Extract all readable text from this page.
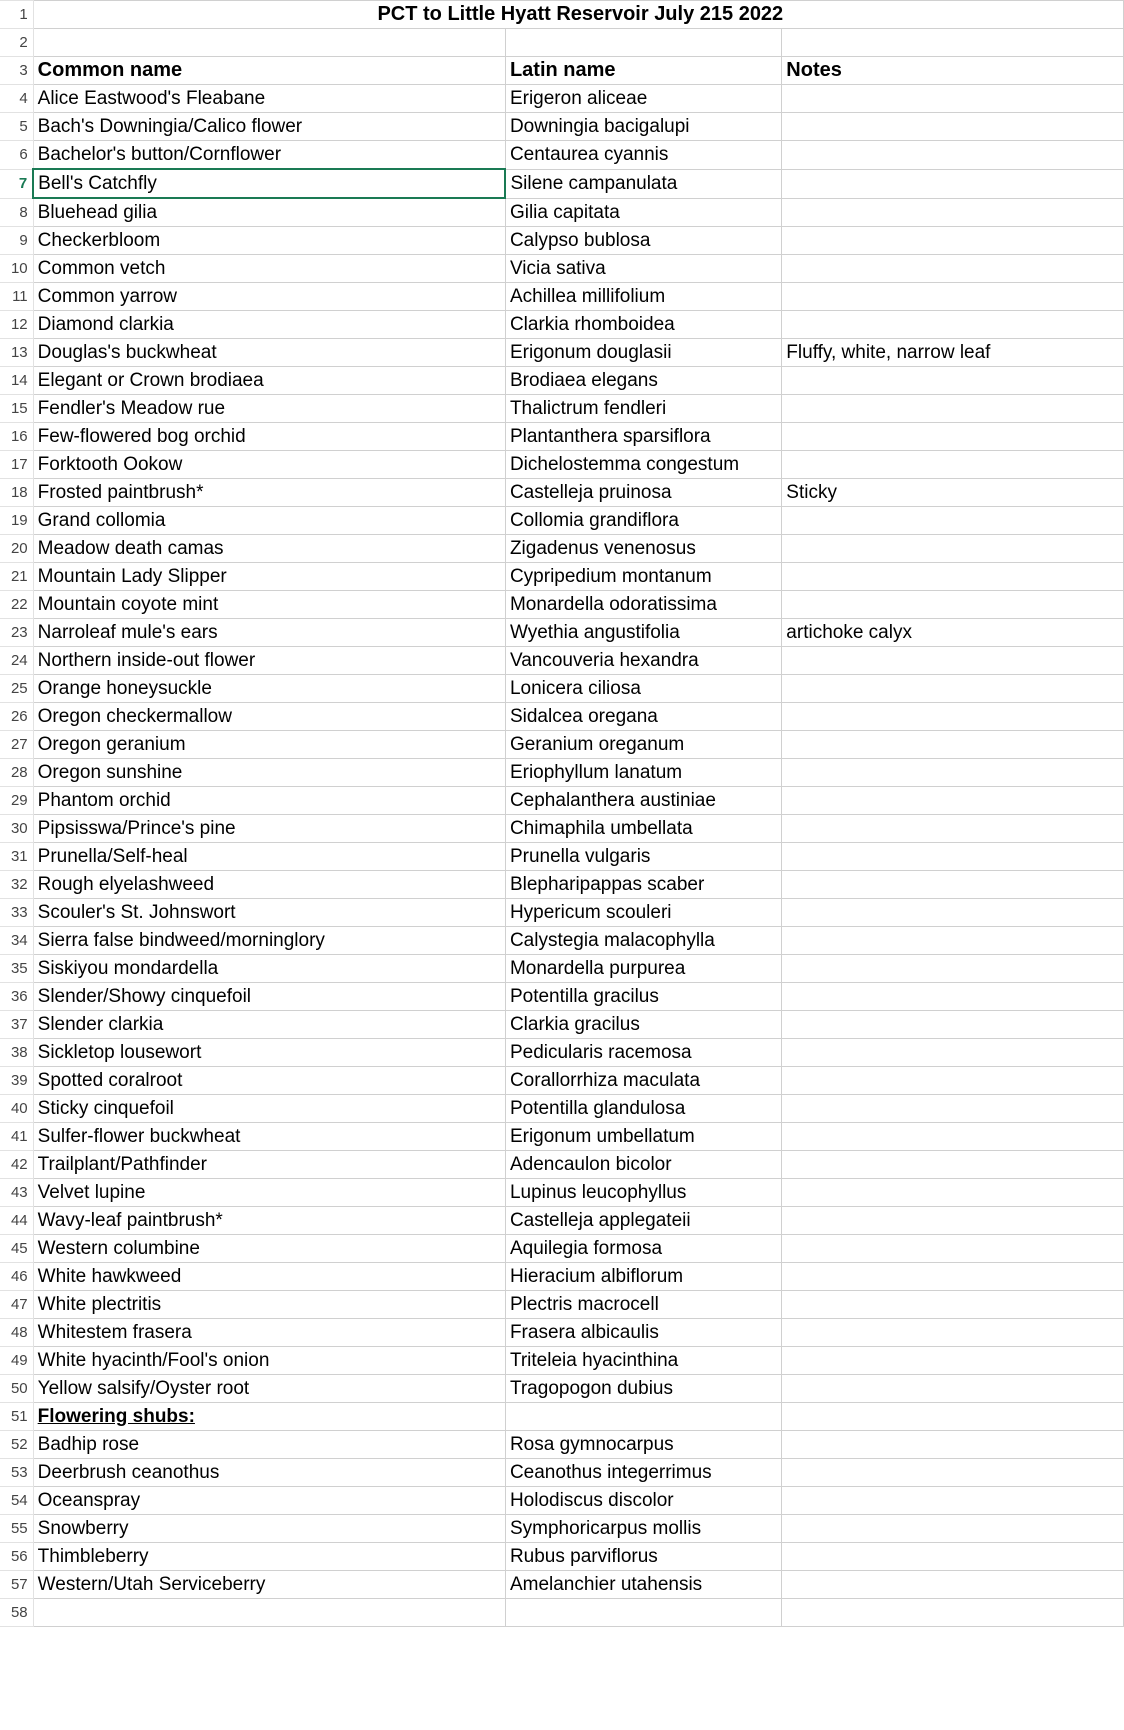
1	PCT to Little Hyatt Reservoir July 215 2022		
2			
3	Common name	Latin name	Notes
4	Alice Eastwood's Fleabane	Erigeron aliceae	
5	Bach's Downingia/Calico flower	Downingia bacigalupi	
6	Bachelor's button/Cornflower	Centaurea cyannis	
7	Bell's Catchfly	Silene campanulata	
8	Bluehead gilia	Gilia capitata	
9	Checkerbloom	Calypso bublosa	
10	Common vetch	Vicia sativa	
11	Common yarrow	Achillea millifolium	
12	Diamond clarkia	Clarkia rhomboidea	
13	Douglas's buckwheat	Erigonum douglasii	Fluffy, white, narrow leaf
14	Elegant or Crown brodiaea	Brodiaea elegans	
15	Fendler's Meadow rue	Thalictrum fendleri	
16	Few-flowered bog orchid	Plantanthera sparsiflora	
17	Forktooth Ookow	Dichelostemma congestum	
18	Frosted paintbrush*	Castelleja pruinosa	Sticky
19	Grand collomia	Collomia grandiflora	
20	Meadow death camas	Zigadenus venenosus	
21	Mountain Lady Slipper	Cypripedium montanum	
22	Mountain coyote mint	Monardella odoratissima	
23	Narroleaf mule's ears	Wyethia angustifolia	artichoke calyx
24	Northern inside-out flower	Vancouveria hexandra	
25	Orange honeysuckle	Lonicera ciliosa	
26	Oregon checkermallow	Sidalcea oregana	
27	Oregon geranium	Geranium oreganum	
28	Oregon sunshine	Eriophyllum lanatum	
29	Phantom orchid	Cephalanthera austiniae	
30	Pipsisswa/Prince's pine	Chimaphila umbellata	
31	Prunella/Self-heal	Prunella vulgaris	
32	Rough elyelashweed	Blepharipappas scaber	
33	Scouler's St. Johnswort	Hypericum scouleri	
34	Sierra false bindweed/morninglory	Calystegia malacophylla	
35	Siskiyou mondardella	Monardella purpurea	
36	Slender/Showy cinquefoil	Potentilla gracilus	
37	Slender clarkia	Clarkia gracilus	
38	Sickletop lousewort	Pedicularis racemosa	
39	Spotted coralroot	Corallorrhiza maculata	
40	Sticky cinquefoil	Potentilla glandulosa	
41	Sulfer-flower buckwheat	Erigonum umbellatum	
42	Trailplant/Pathfinder	Adencaulon bicolor	
43	Velvet lupine	Lupinus leucophyllus	
44	Wavy-leaf paintbrush*	Castelleja applegateii	
45	Western columbine	Aquilegia formosa	
46	White hawkweed	Hieracium albiflorum	
47	White plectritis	Plectris macrocell	
48	Whitestem frasera	Frasera albicaulis	
49	White hyacinth/Fool's onion	Triteleia hyacinthina	
50	Yellow salsify/Oyster root	Tragopogon dubius	
51	Flowering shubs:		
52	Badhip rose	Rosa gymnocarpus	
53	Deerbrush ceanothus	Ceanothus integerrimus	
54	Oceanspray	Holodiscus discolor	
55	Snowberry	Symphoricarpus mollis	
56	Thimbleberry	Rubus parviflorus	
57	Western/Utah Serviceberry	Amelanchier utahensis	
58			
